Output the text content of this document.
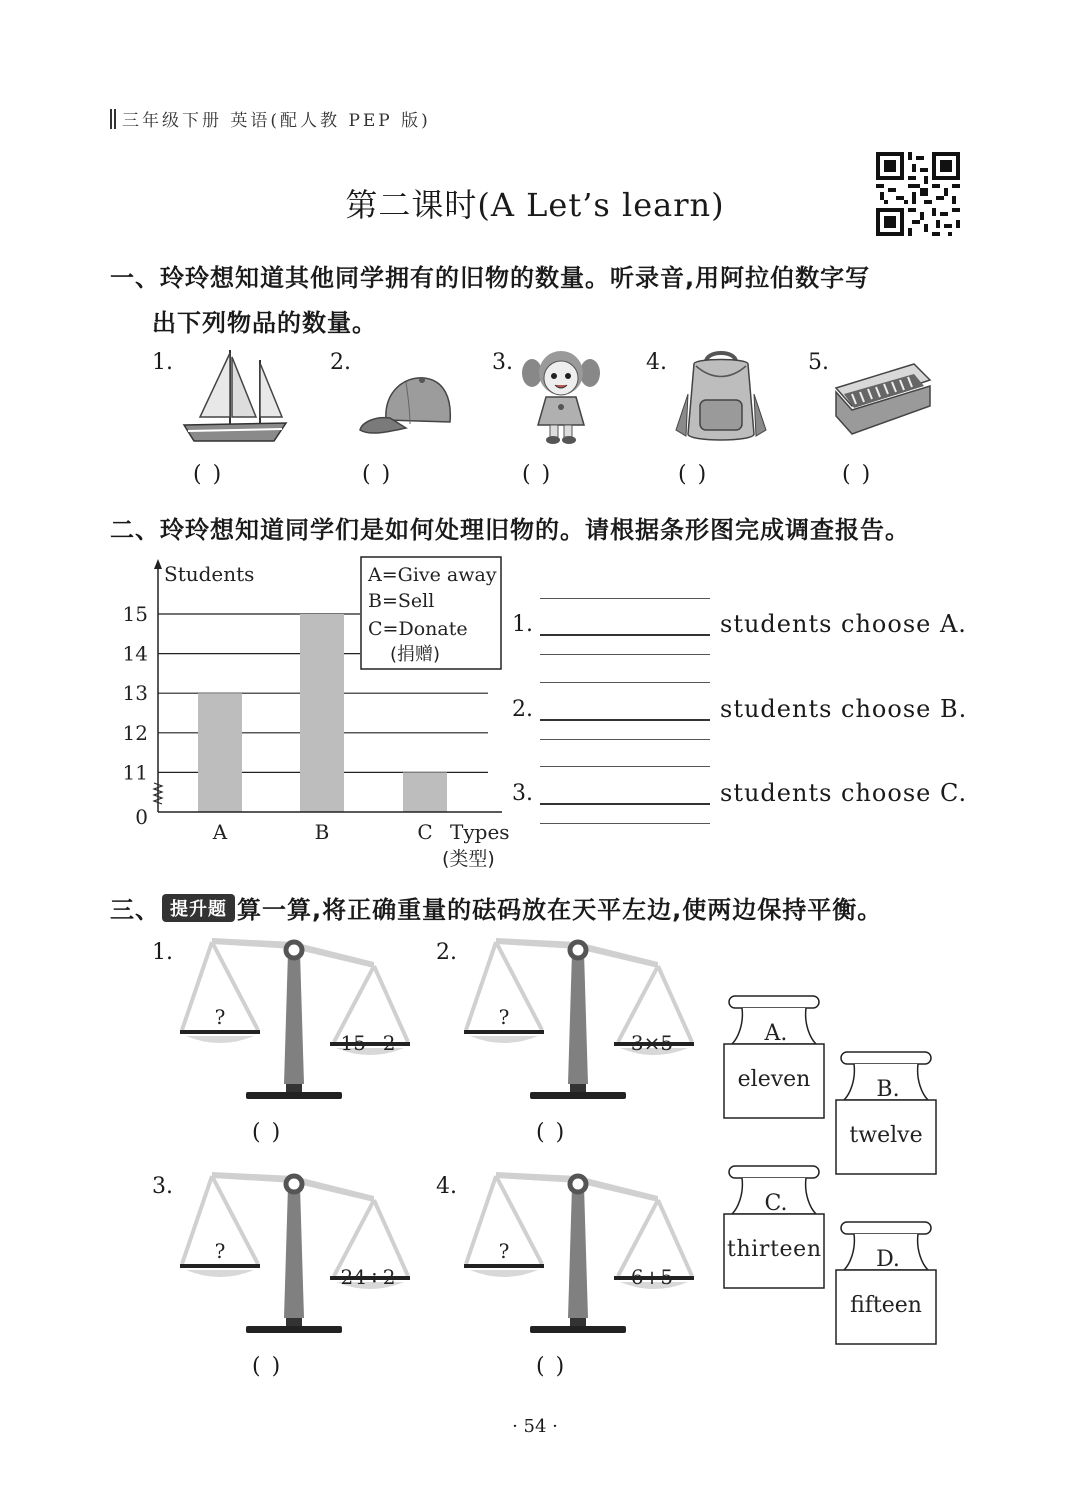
三年级下册 英语(配人教 PEP 版)
第二课时(A Let’s learn)
一、玲玲想知道其他同学拥有的旧物的数量。听录音,用阿拉伯数字写
出下列物品的数量。
1.
( )
2.
( )
3.
( )
4.
( )
5.
( )
二、玲玲想知道同学们是如何处理旧物的。请根据条形图完成调查报告。
0
11
12
13
14
15
A	B	C
Students
Types
(类型)
A=Give away
B=Sell
C=Donate
(捐赠)
1.	students choose A.
2.	students choose B.
3.	students choose C.
三、 提升题 算一算,将正确重量的砝码放在天平左边,使两边保持平衡。
1.
?
15−2
( )
2.
?
3×5
( )
3.
?
24÷2
( )
4.
?
6+5
( )
A.
eleven	B.
twelve
C.
thirteen	D.
fifteen
· 54 ·
